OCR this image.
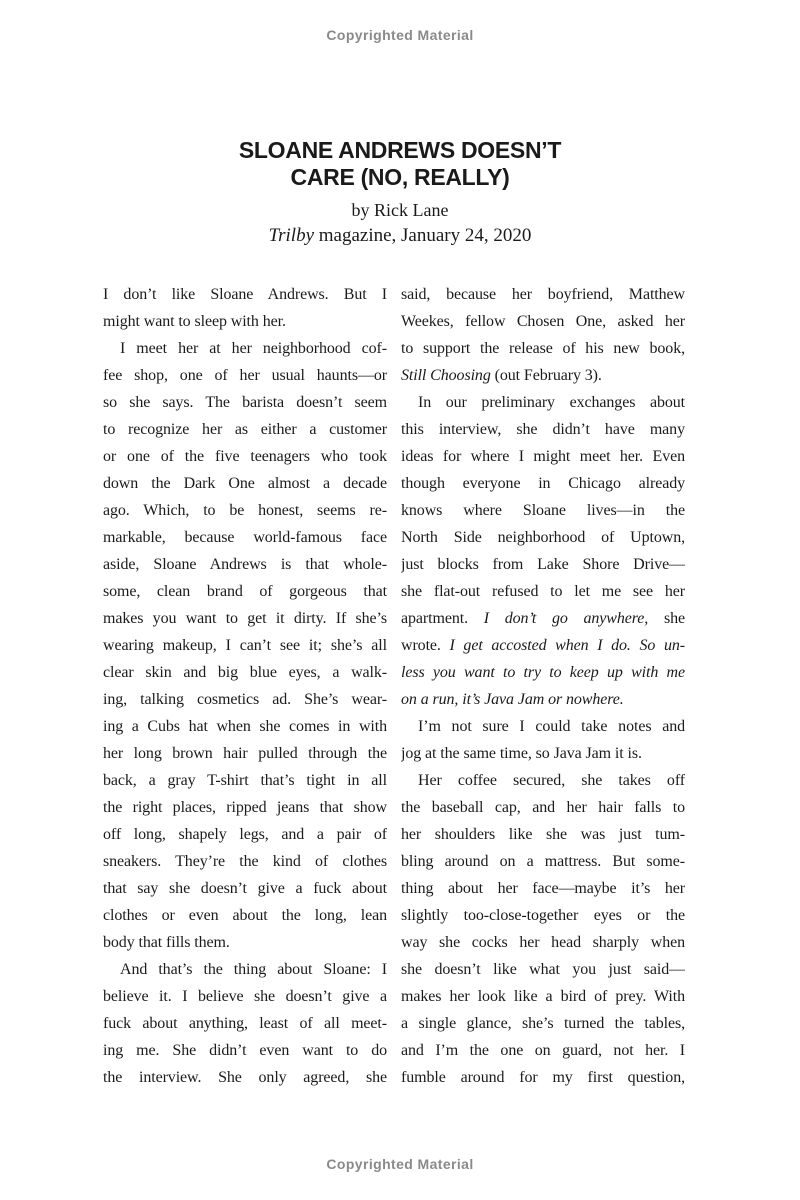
Copyrighted Material
SLOANE ANDREWS DOESN’T
CARE (NO, REALLY)
by Rick Lane
Trilby magazine, January 24, 2020
I don’t like Sloane Andrews. But I
might want to sleep with her.
I meet her at her neighborhood cof-
fee shop, one of her usual haunts—or
so she says. The barista doesn’t seem
to recognize her as either a customer
or one of the five teenagers who took
down the Dark One almost a decade
ago. Which, to be honest, seems re-
markable, because world-famous face
aside, Sloane Andrews is that whole-
some, clean brand of gorgeous that
makes you want to get it dirty. If she’s
wearing makeup, I can’t see it; she’s all
clear skin and big blue eyes, a walk-
ing, talking cosmetics ad. She’s wear-
ing a Cubs hat when she comes in with
her long brown hair pulled through the
back, a gray T-shirt that’s tight in all
the right places, ripped jeans that show
off long, shapely legs, and a pair of
sneakers. They’re the kind of clothes
that say she doesn’t give a fuck about
clothes or even about the long, lean
body that fills them.
And that’s the thing about Sloane: I
believe it. I believe she doesn’t give a
fuck about anything, least of all meet-
ing me. She didn’t even want to do
the interview. She only agreed, she
said, because her boyfriend, Matthew
Weekes, fellow Chosen One, asked her
to support the release of his new book,
Still Choosing (out February 3).
In our preliminary exchanges about
this interview, she didn’t have many
ideas for where I might meet her. Even
though everyone in Chicago already
knows where Sloane lives—in the
North Side neighborhood of Uptown,
just blocks from Lake Shore Drive—
she flat-out refused to let me see her
apartment. I don’t go anywhere, she
wrote. I get accosted when I do. So un-
less you want to try to keep up with me
on a run, it’s Java Jam or nowhere.
I’m not sure I could take notes and
jog at the same time, so Java Jam it is.
Her coffee secured, she takes off
the baseball cap, and her hair falls to
her shoulders like she was just tum-
bling around on a mattress. But some-
thing about her face—maybe it’s her
slightly too-close-together eyes or the
way she cocks her head sharply when
she doesn’t like what you just said—
makes her look like a bird of prey. With
a single glance, she’s turned the tables,
and I’m the one on guard, not her. I
fumble around for my first question,
Copyrighted Material
